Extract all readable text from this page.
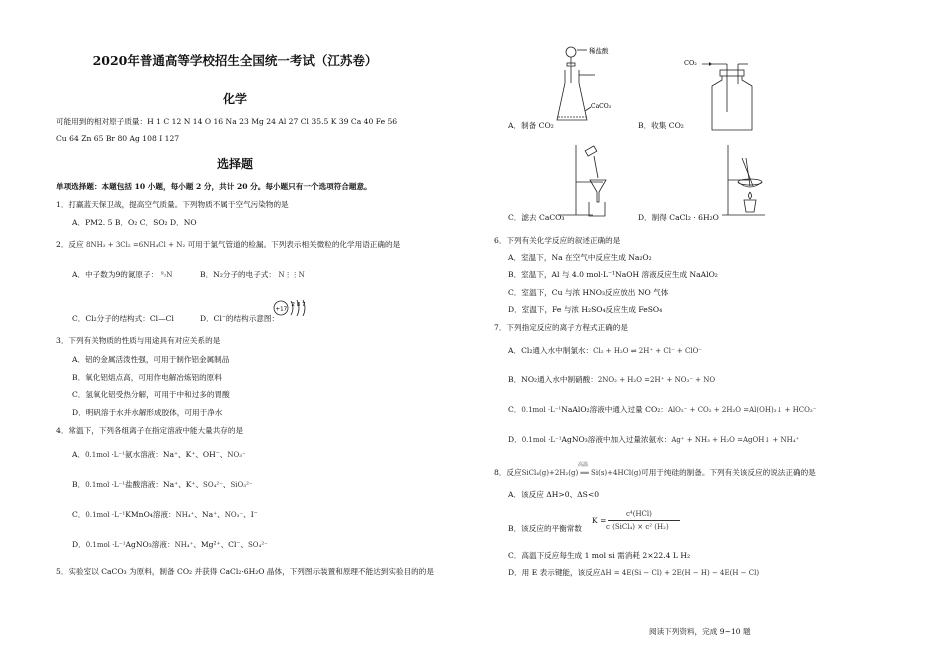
2020年普通高等学校招生全国统一考试（江苏卷）
化学
可能用到的相对原子质量：H 1 C 12 N 14 O 16 Na 23 Mg 24 Al 27 Cl 35.5 K 39 Ca 40 Fe 56
Cu 64 Zn 65 Br 80 Ag 108 I 127
选择题
单项选择题：本题包括 10 小题，每小题 2 分，共计 20 分。每小题只有一个选项符合题意。
1．打赢蓝天保卫战，提高空气质量。下列物质不属于空气污染物的是
A．PM2. 5 B．O₂ C．SO₂ D．NO
2．反应 8NH₃ + 3Cl₂ =6NH₄Cl + N₂ 可用于氯气管道的检漏。下列表示相关微粒的化学用语正确的是
A．中子数为9的氮原子： ⁹₇N	B．N₂分子的电子式： N⋮⋮N
C．Cl₂分子的结构式：Cl—Cl	D．Cl⁻的结构示意图：
+17
2 8 7
3．下列有关物质的性质与用途具有对应关系的是
A．铝的金属活泼性强，可用于制作铝金属制品
B．氧化铝熔点高，可用作电解冶炼铝的原料
C．氢氧化铝受热分解，可用于中和过多的胃酸
D．明矾溶于水并水解形成胶体，可用于净水
4．常温下，下列各组离子在指定溶液中能大量共存的是
A．0.1mol ·L⁻¹氨水溶液：Na⁺、K⁺、OH⁻、NO₃⁻
B．0.1mol ·L⁻¹盐酸溶液：Na⁺、K⁺、SO₄²⁻、SiO₃²⁻
C．0.1mol ·L⁻¹KMnO₄溶液：NH₄⁺、Na⁺、NO₃⁻、I⁻
D．0.1mol ·L⁻¹AgNO₃溶液：NH₄⁺、Mg²⁺、Cl⁻、SO₄²⁻
5．实验室以 CaCO₃ 为原料，制备 CO₂ 并获得 CaCl₂·6H₂O 晶体，下列图示装置和原理不能达到实验目的的是
稀盐酸
CaCO₃
A．制备 CO₂
CO₂
B．收集 CO₂
C．滤去 CaCO₃	D．制得 CaCl₂ · 6H₂O
6．下列有关化学反应的叙述正确的是
A．室温下，Na 在空气中反应生成 Na₂O₂
B．室温下，Al 与 4.0 mol·L⁻¹NaOH 溶液反应生成 NaAlO₂
C．室温下，Cu 与浓 HNO₃反应放出 NO 气体
D．室温下，Fe 与浓 H₂SO₄反应生成 FeSO₄
7．下列指定反应的离子方程式正确的是
A．Cl₂通入水中制氯水：Cl₂ + H₂O ⇌ 2H⁺ + Cl⁻ + ClO⁻
B．NO₂通入水中制硝酸：2NO₂ + H₂O =2H⁺ + NO₃⁻ + NO
C．0.1mol ·L⁻¹NaAlO₂溶液中通入过量 CO₂：AlO₂⁻ + CO₂ + 2H₂O =Al(OH)₃↓ + HCO₃⁻
D．0.1mol ·L⁻¹AgNO₃溶液中加入过量浓氨水：Ag⁺ + NH₃ + H₂O =AgOH↓ + NH₄⁺
8．反应SiCl₄(g)+2H₂(g) ══ Si(s)+4HCl(g)可用于纯硅的制备。下列有关该反应的说法正确的是
高温
A．该反应 ΔH>0、ΔS<0
B．该反应的平衡常数
K =
c⁴(HCl)
c (SiCl₄) × c² (H₂)
C．高温下反应每生成 1 mol si 需消耗 2×22.4 L H₂
D．用 E 表示键能，该反应ΔH = 4E(Si − Cl) + 2E(H − H) − 4E(H − Cl)
阅读下列资料，完成 9~10 题
